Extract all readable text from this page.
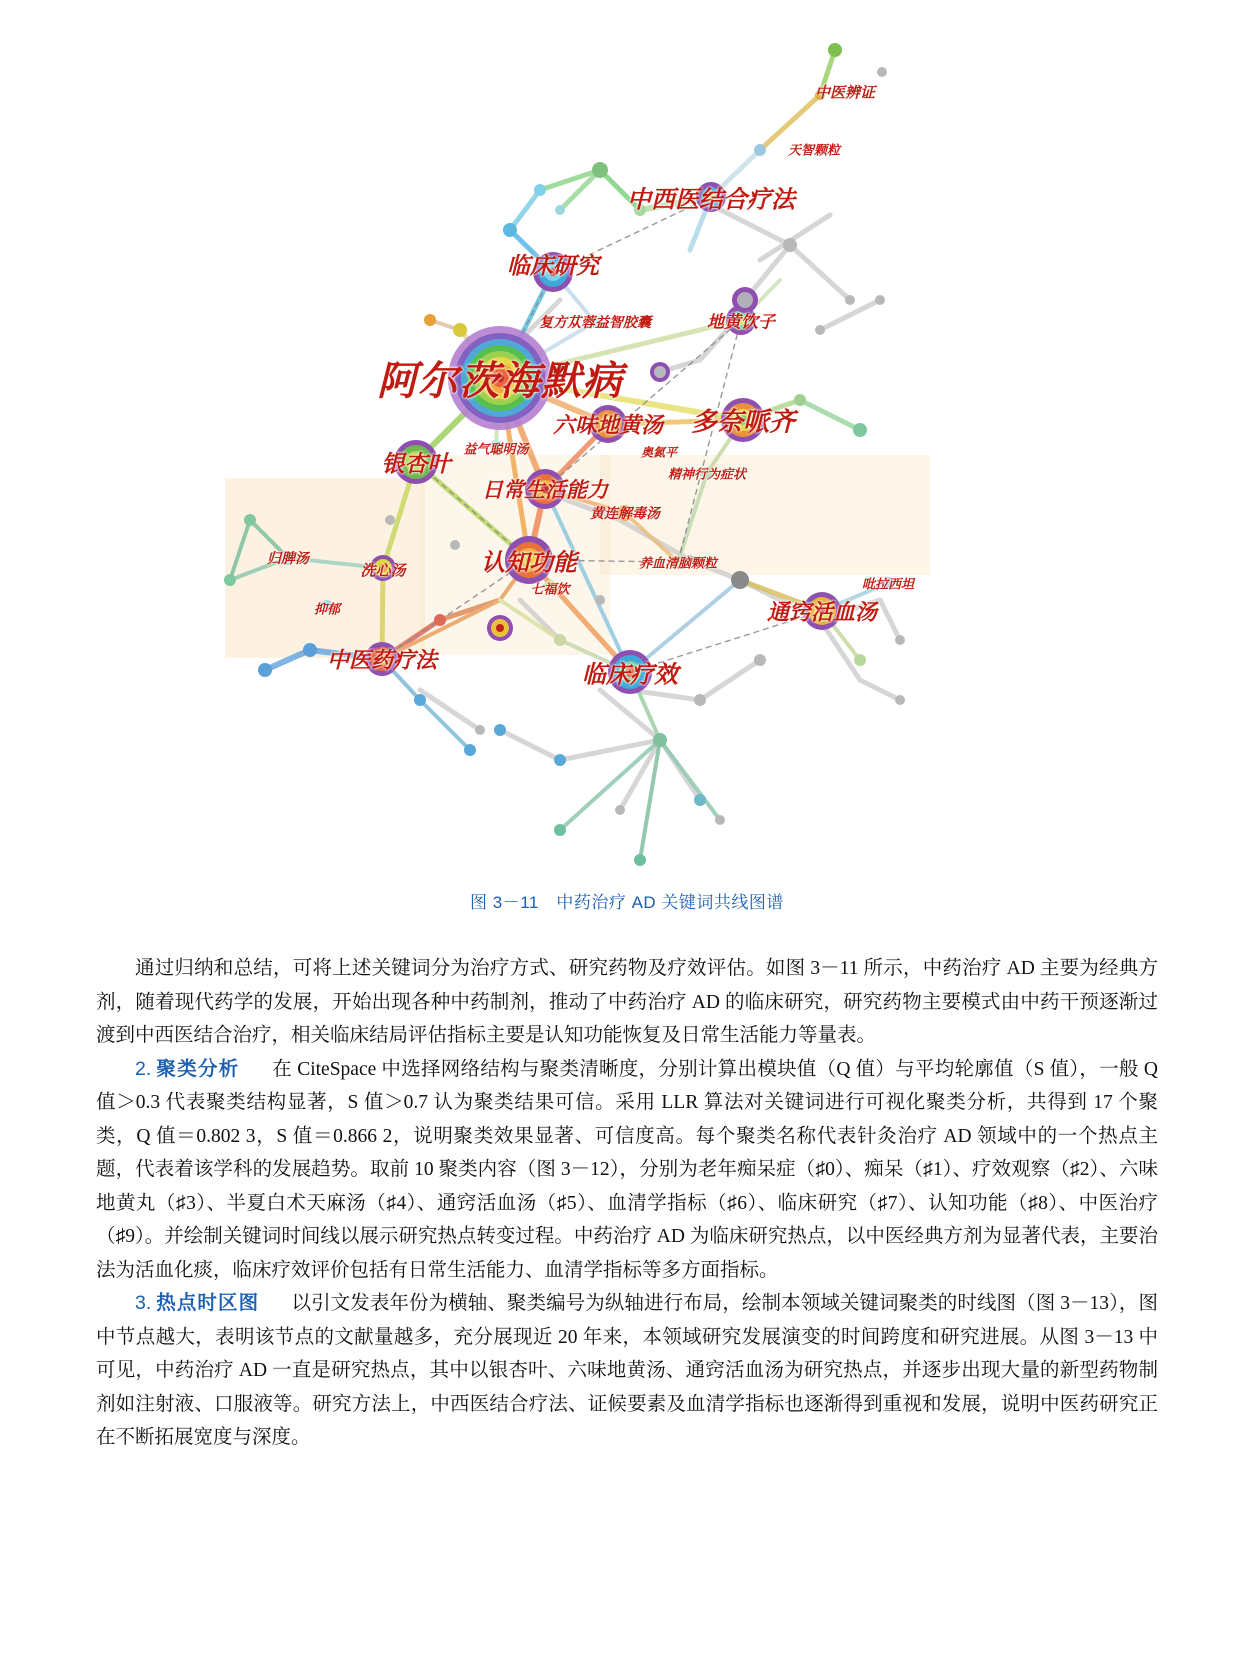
中医辨证
天智颗粒
中西医结合疗法
临床研究
复方苁蓉益智胶囊	地黄饮子
阿尔茨海默病
六味地黄汤 多奈哌齐
益气聪明汤	奥氮平
精神行为症状
银杏叶
日常生活能力
黄连解毒汤
归脾汤
洗心汤	认知功能
七福饮
养血清脑颗粒
抑郁
吡拉西坦
通窍活血汤
中医药疗法
临床疗效
图 3－11　中药治疗 AD 关键词共线图谱

通过归纳和总结，可将上述关键词分为治疗方式、研究药物及疗效评估。如图 3－11 所示，中药治疗 AD 主要为经典方剂，随着现代药学的发展，开始出现各种中药制剂，推动了中药治疗 AD 的临床研究，研究药物主要模式由中药干预逐渐过渡到中西医结合治疗，相关临床结局评估指标主要是认知功能恢复及日常生活能力等量表。

2. 聚类分析 在 CiteSpace 中选择网络结构与聚类清晰度，分别计算出模块值（Q 值）与平均轮廓值（S 值），一般 Q 值＞0.3 代表聚类结构显著，S 值＞0.7 认为聚类结果可信。采用 LLR 算法对关键词进行可视化聚类分析，共得到 17 个聚类，Q 值＝0.802 3，S 值＝0.866 2，说明聚类效果显著、可信度高。每个聚类名称代表针灸治疗 AD 领域中的一个热点主题，代表着该学科的发展趋势。取前 10 聚类内容（图 3－12），分别为老年痴呆症（♯0）、痴呆（♯1）、疗效观察（♯2）、六味地黄丸（♯3）、半夏白术天麻汤（♯4）、通窍活血汤（♯5）、血清学指标（♯6）、临床研究（♯7）、认知功能（♯8）、中医治疗（♯9）。并绘制关键词时间线以展示研究热点转变过程。中药治疗 AD 为临床研究热点，以中医经典方剂为显著代表，主要治法为活血化痰，临床疗效评价包括有日常生活能力、血清学指标等多方面指标。

3. 热点时区图 以引文发表年份为横轴、聚类编号为纵轴进行布局，绘制本领域关键词聚类的时线图（图 3－13），图中节点越大，表明该节点的文献量越多，充分展现近 20 年来，本领域研究发展演变的时间跨度和研究进展。从图 3－13 中可见，中药治疗 AD 一直是研究热点，其中以银杏叶、六味地黄汤、通窍活血汤为研究热点，并逐步出现大量的新型药物制剂如注射液、口服液等。研究方法上，中西医结合疗法、证候要素及血清学指标也逐渐得到重视和发展，说明中医药研究正在不断拓展宽度与深度。
